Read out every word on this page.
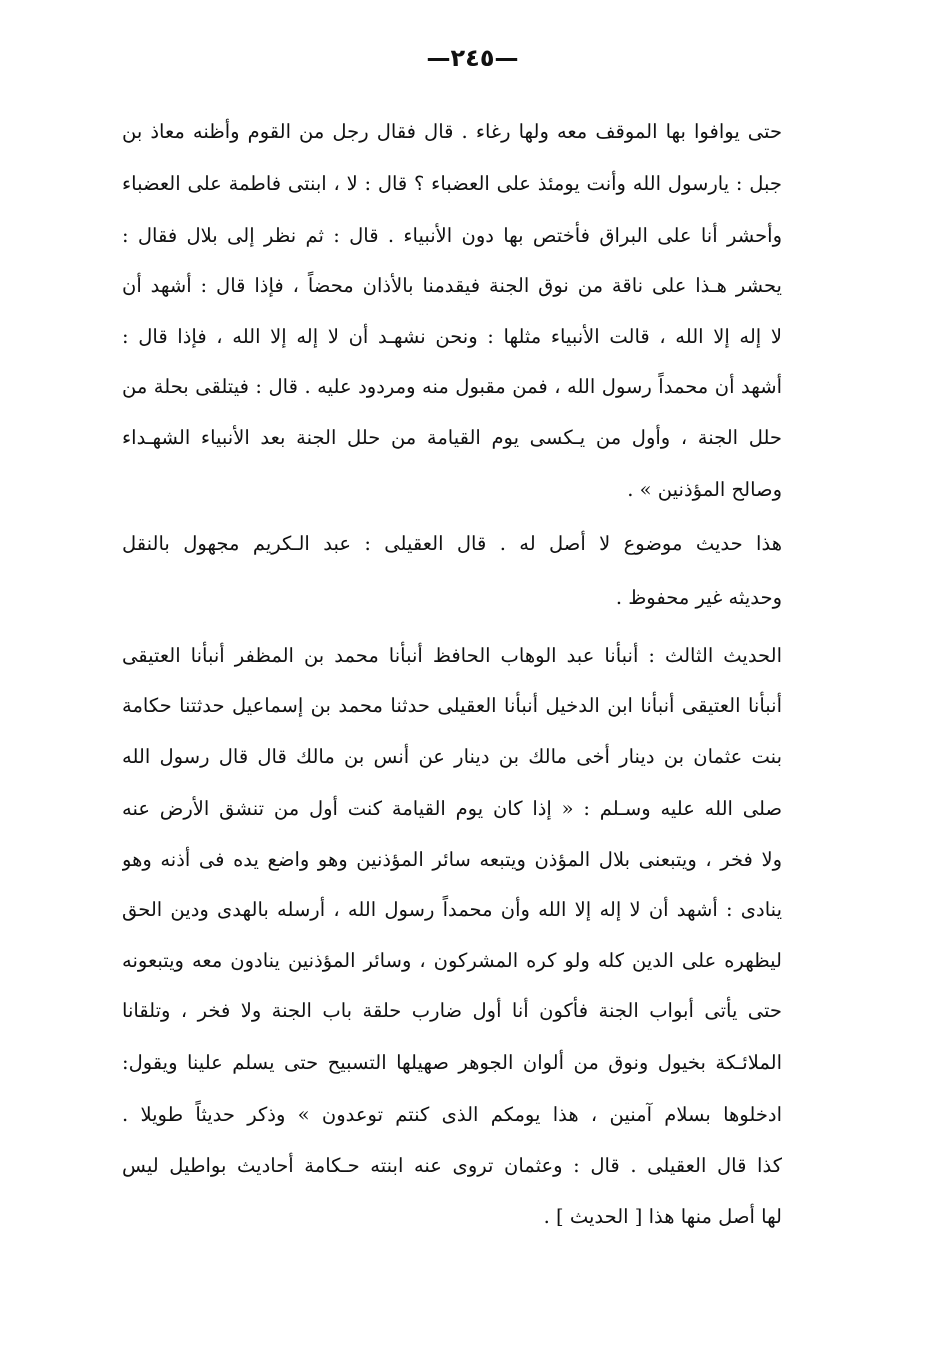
—٢٤٥—
حتى يوافوا بها الموقف معه ولها رغاء . قال فقال رجل من القوم وأظنه معاذ بن
جبل : يارسول الله وأنت يومئذ على العضباء ؟ قال : لا ، ابنتى فاطمة على العضباء
وأحشر أنا على البراق فأختص بها دون الأنبياء . قال : ثم نظر إلى بلال فقال :
يحشر هـذا على ناقة من نوق الجنة فيقدمنا بالأذان محضاً ، فإذا قال : أشهد أن
لا إله إلا الله ، قالت الأنبياء مثلها : ونحن نشهـد أن لا إله إلا الله ، فإذا قال :
أشهد أن محمداً رسول الله ، فمن مقبول منه ومردود عليه . قال : فيتلقى بحلة من
حلل الجنة ، وأول من يـكسى يوم القيامة من حلل الجنة بعد الأنبياء الشهـداء
وصالح المؤذنين » .
هذا حديث موضوع لا أصل له . قال العقيلى : عبد الـكريم مجهول بالنقل
وحديثه غير محفوظ .
الحديث الثالث : أنبأنا عبد الوهاب الحافظ أنبأنا محمد بن المظفر أنبأنا العتيقى
أنبأنا العتيقى أنبأنا ابن الدخيل أنبأنا العقيلى حدثنا محمد بن إسماعيل حدثتنا حكامة
بنت عثمان بن دينار أخى مالك بن دينار عن أنس بن مالك قال قال رسول الله
صلى الله عليه وسـلم : « إذا كان يوم القيامة كنت أول من تنشق الأرض عنه
ولا فخر ، ويتبعنى بلال المؤذن ويتبعه سائر المؤذنين وهو واضع يده فى أذنه وهو
ينادى : أشهد أن لا إله إلا الله وأن محمداً رسول الله ، أرسله بالهدى ودين الحق
ليظهره على الدين كله ولو كره المشركون ، وسائر المؤذنين ينادون معه ويتبعونه
حتى يأتى أبواب الجنة فأكون أنا أول ضارب حلقة باب الجنة ولا فخر ، وتلقانا
الملائـكة بخيول ونوق من ألوان الجوهر صهيلها التسبيح حتى يسلم علينا ويقول:
ادخلوها بسلام آمنين ، هذا يومكم الذى كنتم توعدون » وذكر حديثاً طويلا .
كذا قال العقيلى . قال : وعثمان تروى عنه ابنته حـكامة أحاديث بواطيل ليس
لها أصل منها هذا [ الحديث ] .
